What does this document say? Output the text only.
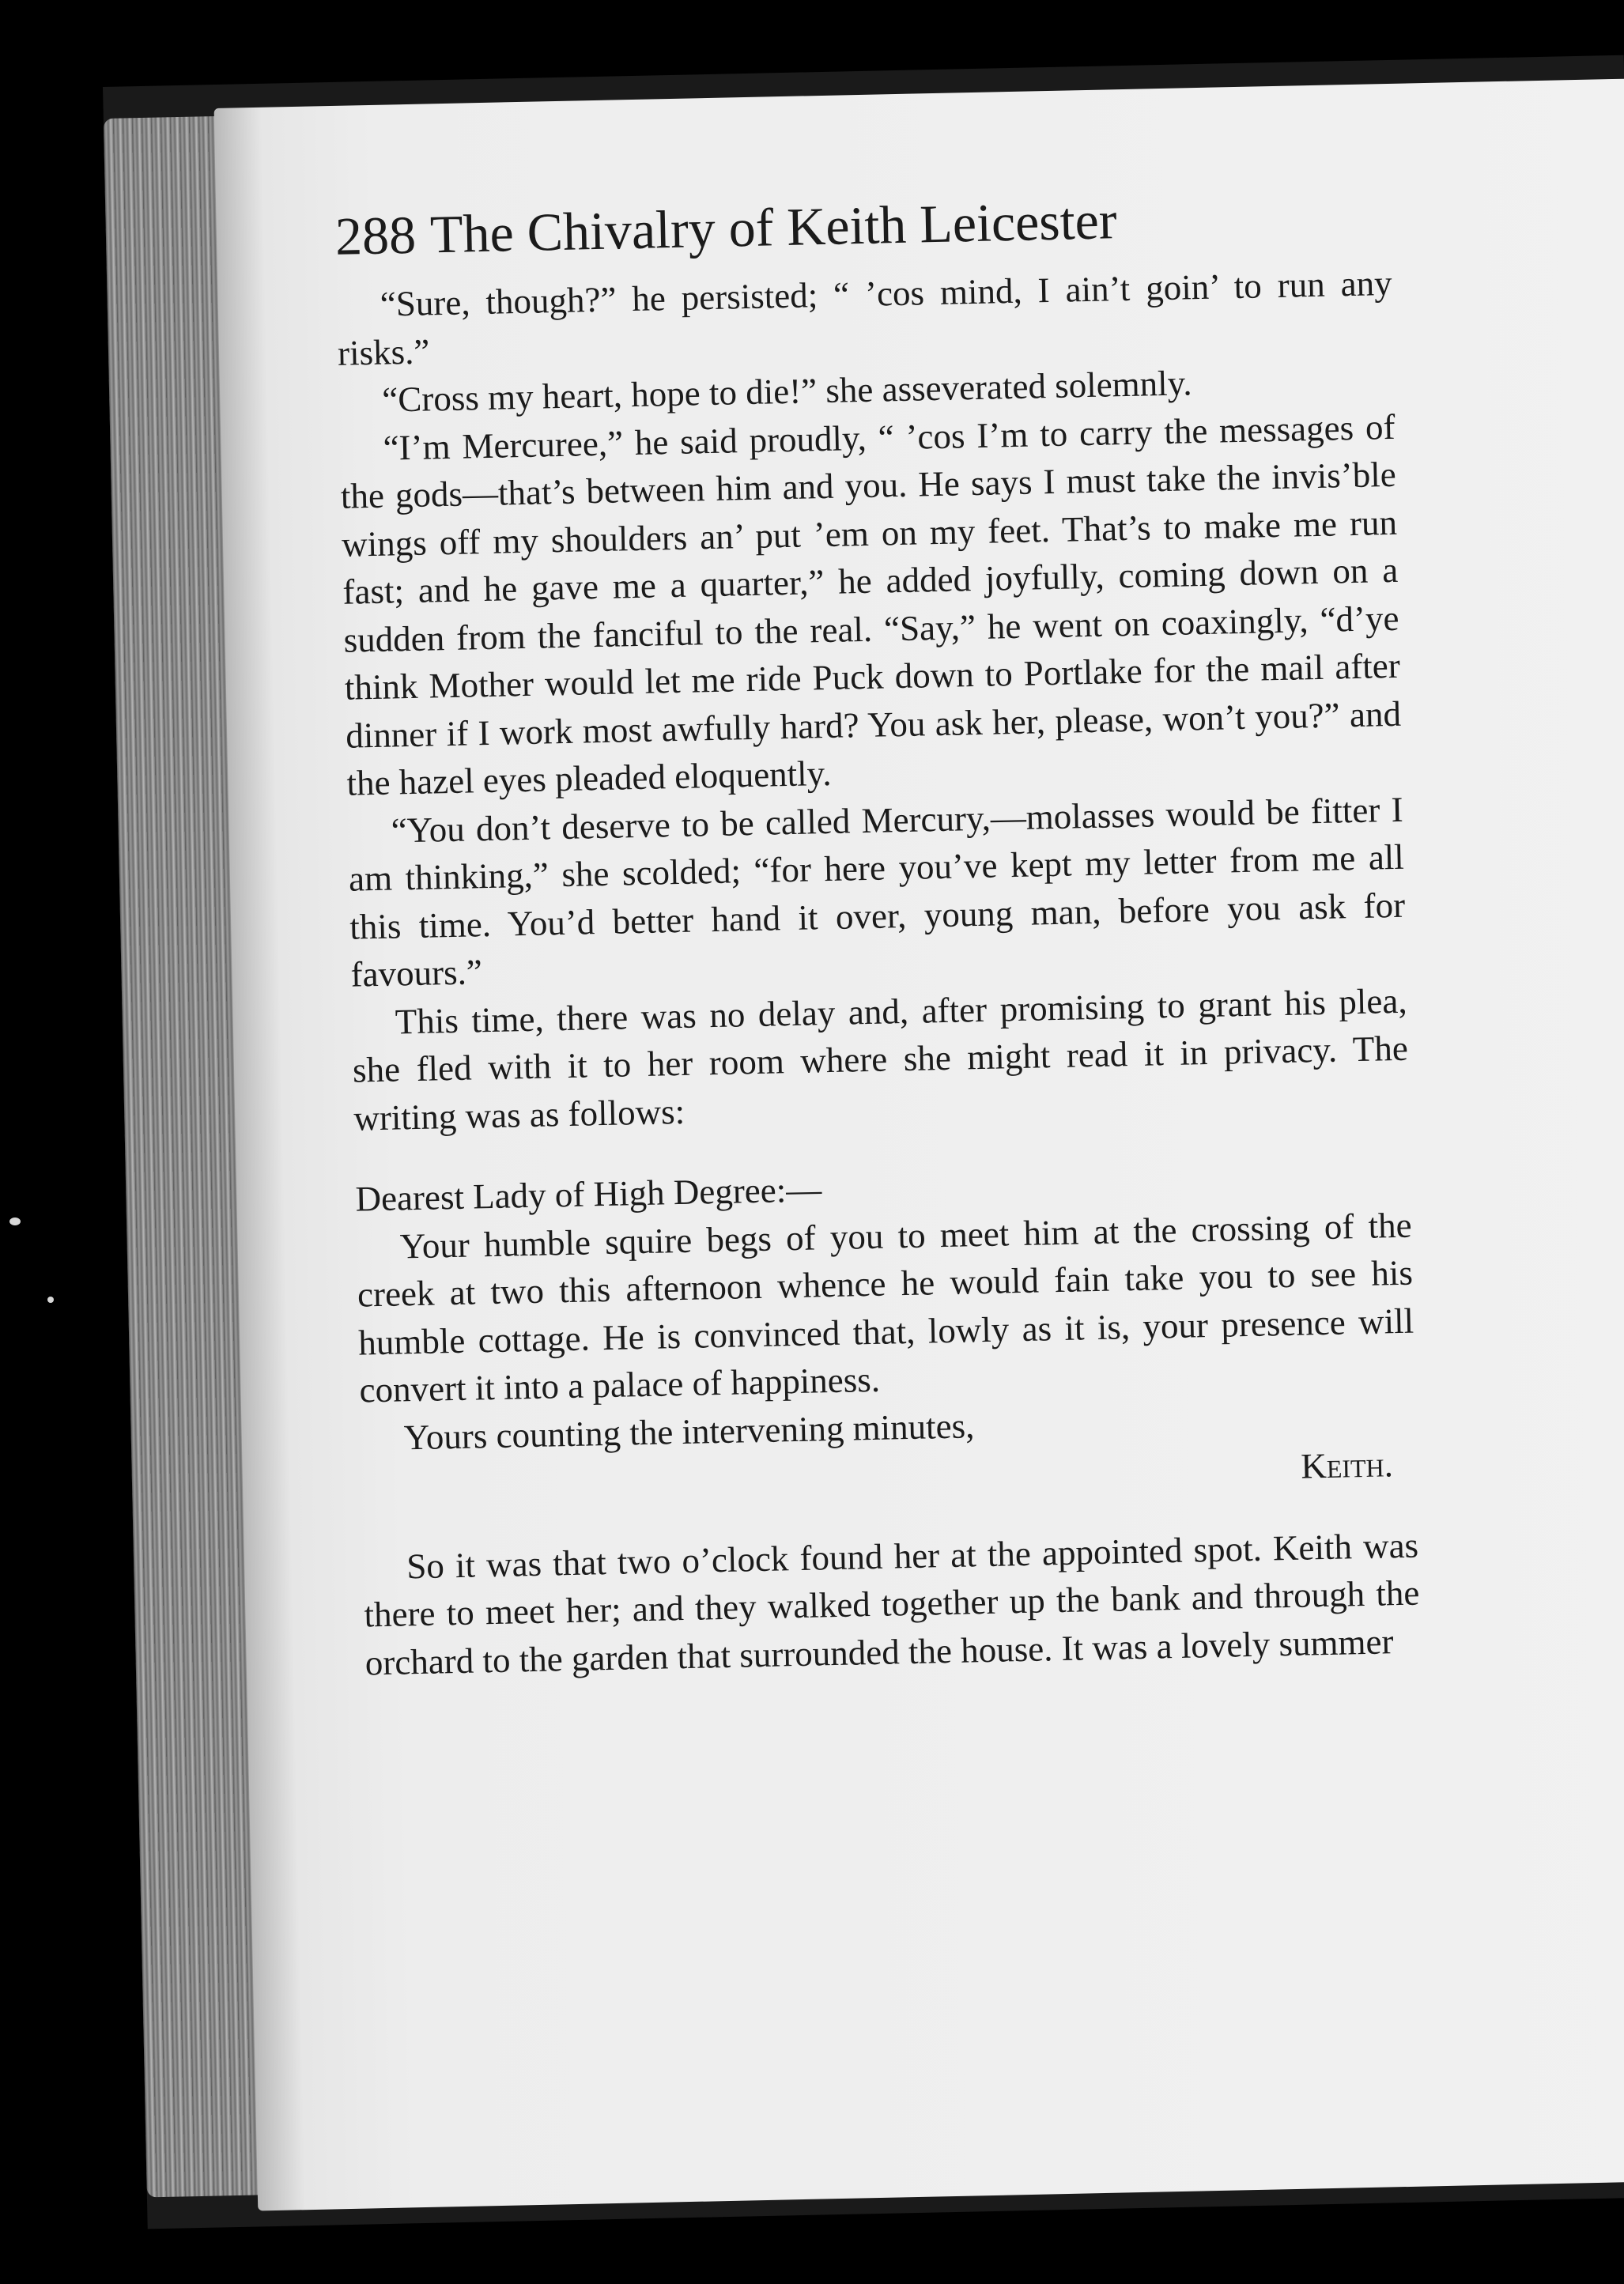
288 The Chivalry of Keith Leicester

“Sure, though?” he persisted; “ ’cos mind, I ain’t goin’ to run any risks.”

“Cross my heart, hope to die!” she asseverated solemnly.

“I’m Mercuree,” he said proudly, “ ’cos I’m to carry the messages of the gods—that’s between him and you. He says I must take the invis’ble wings off my shoulders an’ put ’em on my feet. That’s to make me run fast; and he gave me a quarter,” he added joyfully, coming down on a sudden from the fanciful to the real. “Say,” he went on coaxingly, “d’ye think Mother would let me ride Puck down to Portlake for the mail after dinner if I work most awfully hard? You ask her, please, won’t you?” and the hazel eyes pleaded eloquently.

“You don’t deserve to be called Mercury,—molasses would be fitter I am thinking,” she scolded; “for here you’ve kept my letter from me all this time. You’d better hand it over, young man, before you ask for favours.”

This time, there was no delay and, after promising to grant his plea, she fled with it to her room where she might read it in privacy. The writing was as follows:

Dearest Lady of High Degree:—

Your humble squire begs of you to meet him at the crossing of the creek at two this afternoon whence he would fain take you to see his humble cottage. He is convinced that, lowly as it is, your presence will convert it into a palace of happiness.

Yours counting the intervening minutes,

Keith.

So it was that two o’clock found her at the appointed spot. Keith was there to meet her; and they walked together up the bank and through the orchard to the garden that surrounded the house. It was a lovely summer
